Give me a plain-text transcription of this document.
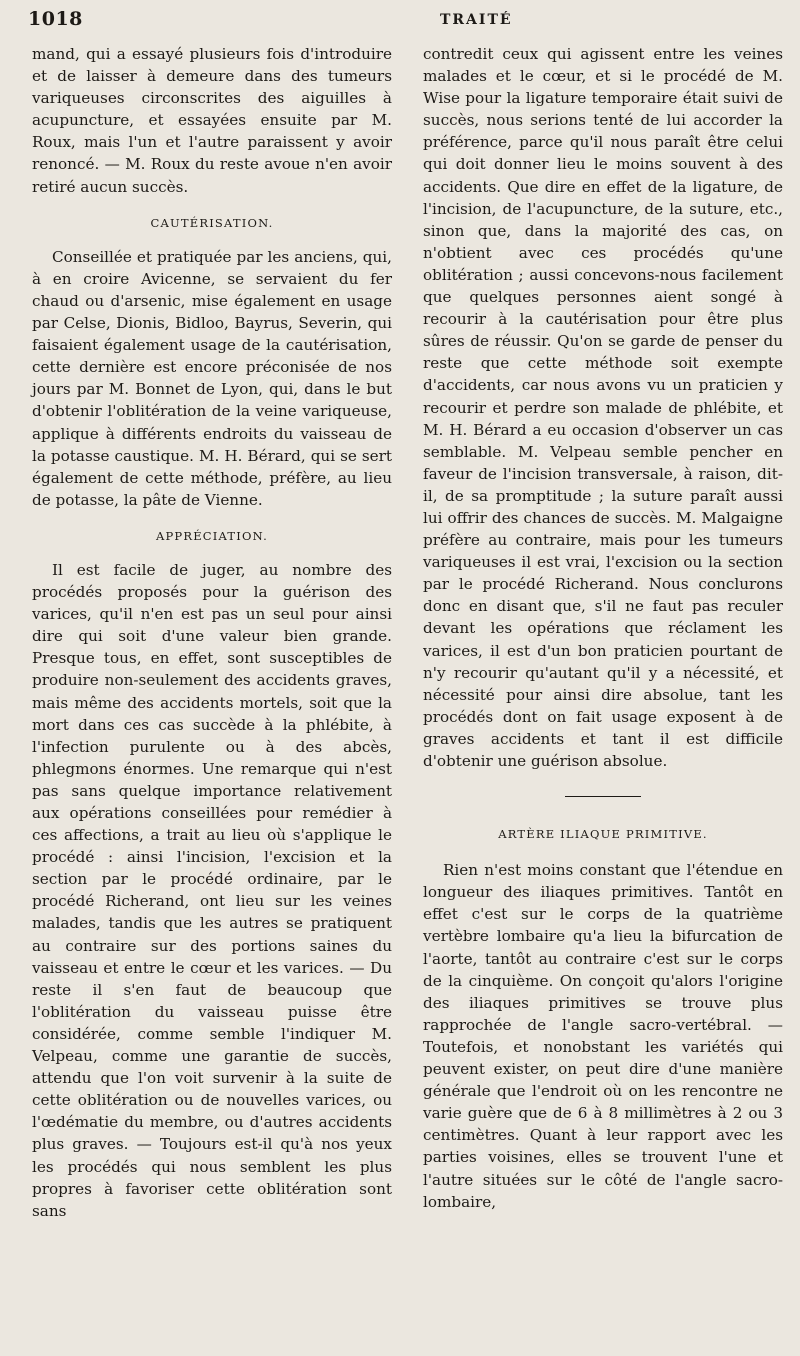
1018	TRAITÉ

mand, qui a essayé plusieurs fois d'introduire et de laisser à demeure dans des tumeurs variqueuses circonscrites des aiguilles à acupuncture, et essayées ensuite par M. Roux, mais l'un et l'autre paraissent y avoir renoncé. — M. Roux du reste avoue n'en avoir retiré aucun succès.

CAUTÉRISATION.

Conseillée et pratiquée par les anciens, qui, à en croire Avicenne, se servaient du fer chaud ou d'arsenic, mise également en usage par Celse, Dionis, Bidloo, Bayrus, Severin, qui faisaient également usage de la cautérisation, cette dernière est encore préconisée de nos jours par M. Bonnet de Lyon, qui, dans le but d'obtenir l'oblitération de la veine variqueuse, applique à différents endroits du vaisseau de la potasse caustique. M. H. Bérard, qui se sert également de cette méthode, préfère, au lieu de potasse, la pâte de Vienne.

APPRÉCIATION.

Il est facile de juger, au nombre des procédés proposés pour la guérison des varices, qu'il n'en est pas un seul pour ainsi dire qui soit d'une valeur bien grande. Presque tous, en effet, sont susceptibles de produire non-seulement des accidents graves, mais même des accidents mortels, soit que la mort dans ces cas succède à la phlébite, à l'infection purulente ou à des abcès, phlegmons énormes. Une remarque qui n'est pas sans quelque importance relativement aux opérations conseillées pour remédier à ces affections, a trait au lieu où s'applique le procédé : ainsi l'incision, l'excision et la section par le procédé ordinaire, par le procédé Richerand, ont lieu sur les veines malades, tandis que les autres se pratiquent au contraire sur des portions saines du vaisseau et entre le cœur et les varices. — Du reste il s'en faut de beaucoup que l'oblitération du vaisseau puisse être considérée, comme semble l'indiquer M. Velpeau, comme une garantie de succès, attendu que l'on voit survenir à la suite de cette oblitération ou de nouvelles varices, ou l'œdématie du membre, ou d'autres accidents plus graves. — Toujours est-il qu'à nos yeux les procédés qui nous semblent les plus propres à favoriser cette oblitération sont sans

contredit ceux qui agissent entre les veines malades et le cœur, et si le procédé de M. Wise pour la ligature temporaire était suivi de succès, nous serions tenté de lui accorder la préférence, parce qu'il nous paraît être celui qui doit donner lieu le moins souvent à des accidents. Que dire en effet de la ligature, de l'incision, de l'acupuncture, de la suture, etc., sinon que, dans la majorité des cas, on n'obtient avec ces procédés qu'une oblitération ; aussi concevons-nous facilement que quelques personnes aient songé à recourir à la cautérisation pour être plus sûres de réussir. Qu'on se garde de penser du reste que cette méthode soit exempte d'accidents, car nous avons vu un praticien y recourir et perdre son malade de phlébite, et M. H. Bérard a eu occasion d'observer un cas semblable. M. Velpeau semble pencher en faveur de l'incision transversale, à raison, dit-il, de sa promptitude ; la suture paraît aussi lui offrir des chances de succès. M. Malgaigne préfère au contraire, mais pour les tumeurs variqueuses il est vrai, l'excision ou la section par le procédé Richerand. Nous conclurons donc en disant que, s'il ne faut pas reculer devant les opérations que réclament les varices, il est d'un bon praticien pourtant de n'y recourir qu'autant qu'il y a nécessité, et nécessité pour ainsi dire absolue, tant les procédés dont on fait usage exposent à de graves accidents et tant il est difficile d'obtenir une guérison absolue.

ARTÈRE ILIAQUE PRIMITIVE.

Rien n'est moins constant que l'étendue en longueur des iliaques primitives. Tantôt en effet c'est sur le corps de la quatrième vertèbre lombaire qu'a lieu la bifurcation de l'aorte, tantôt au contraire c'est sur le corps de la cinquième. On conçoit qu'alors l'origine des iliaques primitives se trouve plus rapprochée de l'angle sacro-vertébral. — Toutefois, et nonobstant les variétés qui peuvent exister, on peut dire d'une manière générale que l'endroit où on les rencontre ne varie guère que de 6 à 8 millimètres à 2 ou 3 centimètres. Quant à leur rapport avec les parties voisines, elles se trouvent l'une et l'autre situées sur le côté de l'angle sacro-lombaire,
